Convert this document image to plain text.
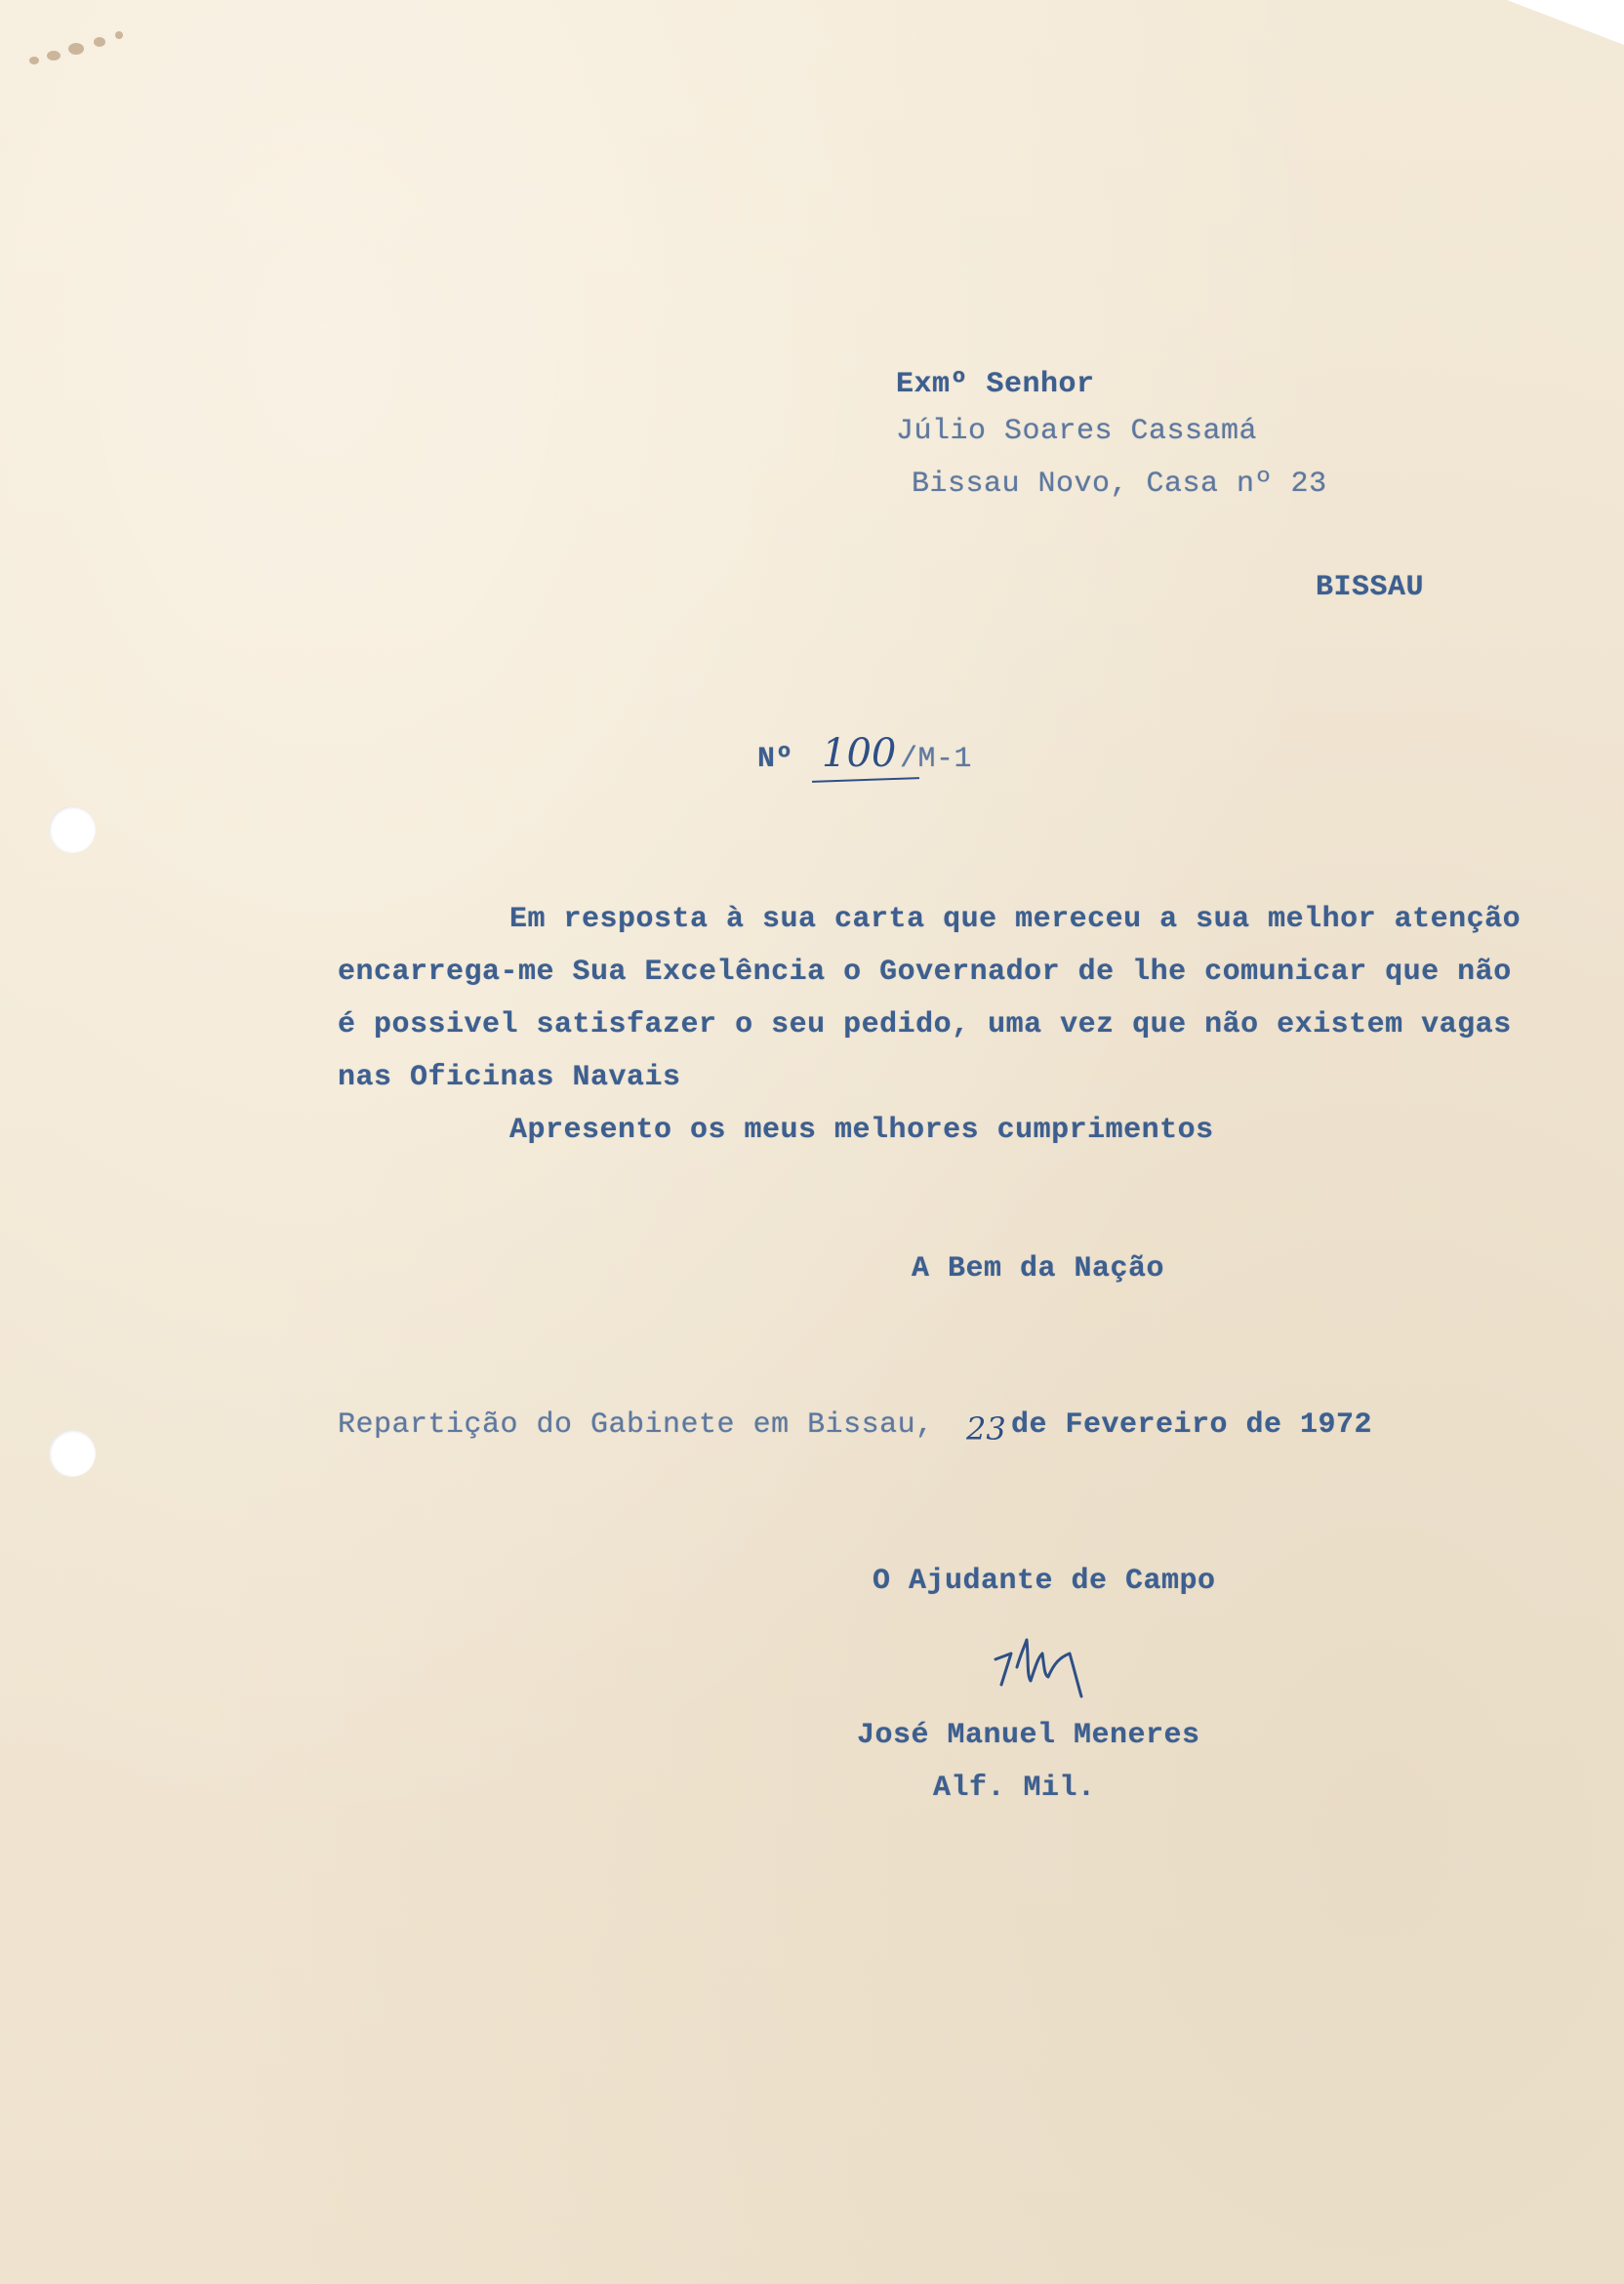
Exmº Senhor

Júlio Soares Cassamá

Bissau Novo, Casa nº 23

BISSAU

Nº 100 /M-1

Em resposta à sua carta que mereceu a sua melhor atenção

encarrega-me Sua Excelência o Governador de lhe comunicar que não

é possivel satisfazer o seu pedido, uma vez que não existem vagas

nas Oficinas Navais

Apresento os meus melhores cumprimentos

A Bem da Nação

Repartição do Gabinete em Bissau, 23 de Fevereiro de 1972

O Ajudante de Campo

José Manuel Meneres

Alf. Mil.
